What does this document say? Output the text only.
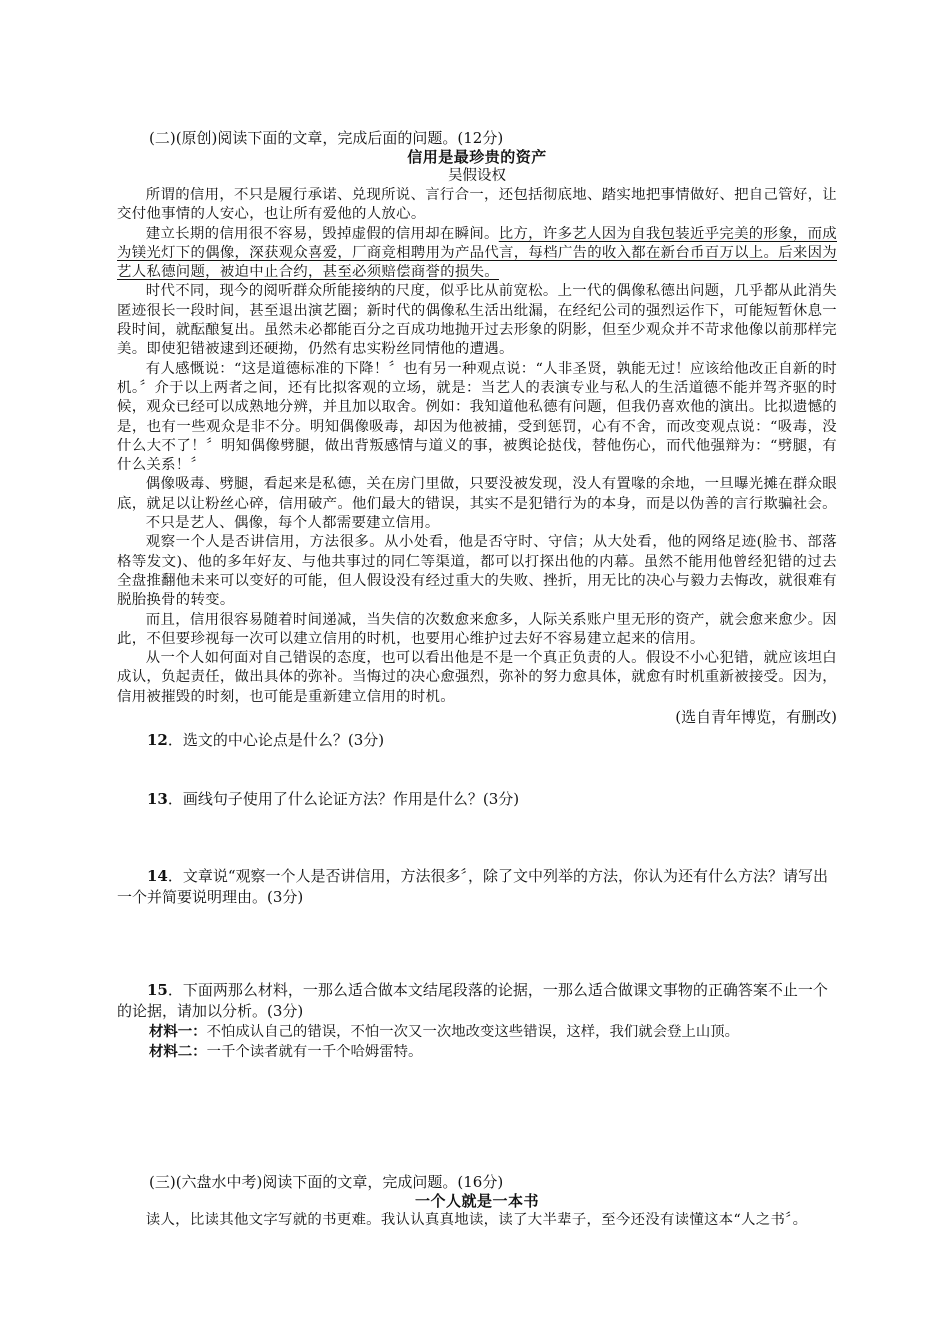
(二)(原创)阅读下面的文章，完成后面的问题。(12分)

信用是最珍贵的资产

吴假设权

所谓的信用，不只是履行承诺、兑现所说、言行合一，还包括彻底地、踏实地把事情做好、把自己管好，让交付他事情的人安心，也让所有爱他的人放心。

建立长期的信用很不容易，毁掉虚假的信用却在瞬间。比方，许多艺人因为自我包装近乎完美的形象，而成为镁光灯下的偶像，深获观众喜爱，厂商竞相聘用为产品代言，每档广告的收入都在新台币百万以上。后来因为艺人私德问题，被迫中止合约，甚至必须赔偿商誉的损失。

时代不同，现今的阅听群众所能接纳的尺度，似乎比从前宽松。上一代的偶像私德出问题，几乎都从此消失匿迹很长一段时间，甚至退出演艺圈；新时代的偶像私生活出纰漏，在经纪公司的强烈运作下，可能短暂休息一段时间，就酝酿复出。虽然未必都能百分之百成功地抛开过去形象的阴影，但至少观众并不苛求他像以前那样完美。即使犯错被逮到还硬拗，仍然有忠实粉丝同情他的遭遇。

有人感慨说：“这是道德标准的下降！〞也有另一种观点说：“人非圣贤，孰能无过！应该给他改正自新的时机。〞介于以上两者之间，还有比拟客观的立场，就是：当艺人的表演专业与私人的生活道德不能并驾齐驱的时候，观众已经可以成熟地分辨，并且加以取舍。例如：我知道他私德有问题，但我仍喜欢他的演出。比拟遗憾的是，也有一些观众是非不分。明知偶像吸毒，却因为他被捕，受到惩罚，心有不舍，而改变观点说：“吸毒，没什么大不了！〞明知偶像劈腿，做出背叛感情与道义的事，被舆论挞伐，替他伤心，而代他强辩为：“劈腿，有什么关系！〞

偶像吸毒、劈腿，看起来是私德，关在房门里做，只要没被发现，没人有置喙的余地，一旦曝光摊在群众眼底，就足以让粉丝心碎，信用破产。他们最大的错误，其实不是犯错行为的本身，而是以伪善的言行欺骗社会。

不只是艺人、偶像，每个人都需要建立信用。

观察一个人是否讲信用，方法很多。从小处看，他是否守时、守信；从大处看，他的网络足迹(脸书、部落格等发文)、他的多年好友、与他共事过的同仁等渠道，都可以打探出他的内幕。虽然不能用他曾经犯错的过去全盘推翻他未来可以变好的可能，但人假设没有经过重大的失败、挫折，用无比的决心与毅力去悔改，就很难有脱胎换骨的转变。

而且，信用很容易随着时间递减，当失信的次数愈来愈多，人际关系账户里无形的资产，就会愈来愈少。因此，不但要珍视每一次可以建立信用的时机，也要用心维护过去好不容易建立起来的信用。

从一个人如何面对自己错误的态度，也可以看出他是不是一个真正负责的人。假设不小心犯错，就应该坦白成认，负起责任，做出具体的弥补。当悔过的决心愈强烈，弥补的努力愈具体，就愈有时机重新被接受。因为，信用被摧毁的时刻，也可能是重新建立信用的时机。

(选自青年博览，有删改)

12．选文的中心论点是什么？(3分)

13．画线句子使用了什么论证方法？作用是什么？(3分)

14．文章说“观察一个人是否讲信用，方法很多〞，除了文中列举的方法，你认为还有什么方法？请写出一个并简要说明理由。(3分)

15．下面两那么材料，一那么适合做本文结尾段落的论据，一那么适合做课文事物的正确答案不止一个的论据，请加以分析。(3分)

材料一：不怕成认自己的错误，不怕一次又一次地改变这些错误，这样，我们就会登上山顶。

材料二：一千个读者就有一千个哈姆雷特。

(三)(六盘水中考)阅读下面的文章，完成问题。(16分)

一个人就是一本书

读人，比读其他文字写就的书更难。我认认真真地读，读了大半辈子，至今还没有读懂这本“人之书〞。
